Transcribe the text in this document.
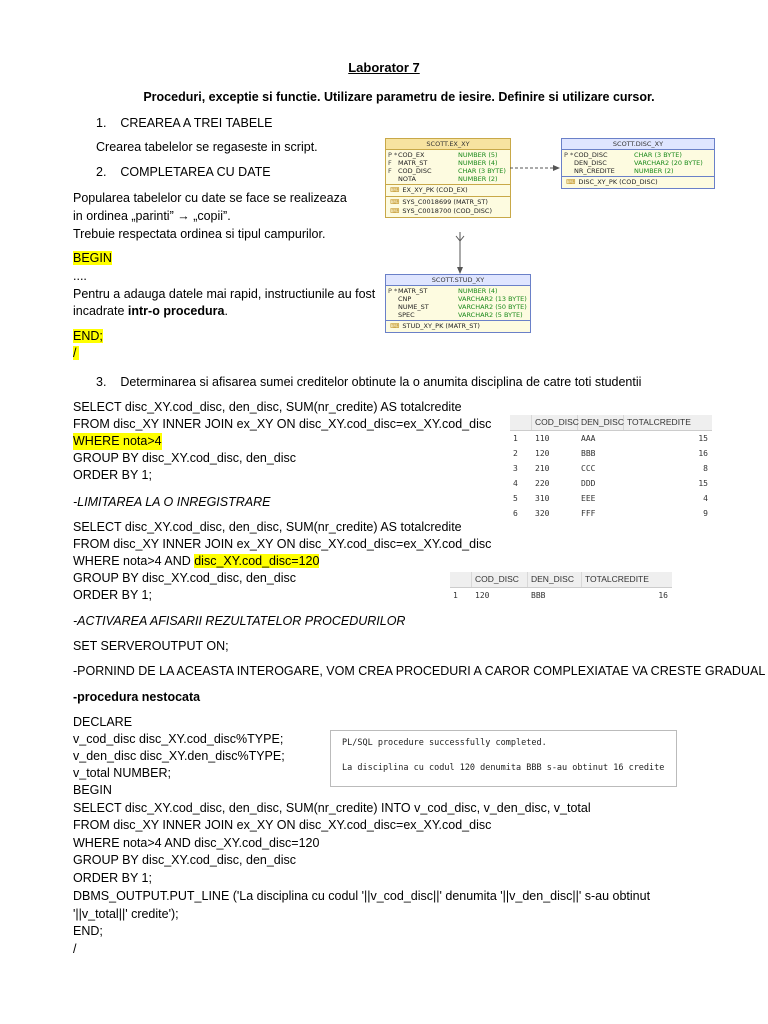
Laborator 7
Proceduri, exceptie si functie. Utilizare parametru de iesire. Definire si utilizare cursor.
1.    CREAREA A TREI TABELE
Crearea tabelelor se regaseste in script.
2.    COMPLETAREA CU DATE
Popularea tabelelor cu date se face se realizeaza
in ordinea „parinti” → „copii”.
Trebuie respectata ordinea si tipul campurilor.
BEGIN
....
Pentru a adauga datele mai rapid, instructiunile au fost
incadrate intr-o procedura.
END;
/
SCOTT.EX_XY
P * COD_EX	NUMBER (5)
F MATR_ST	NUMBER (4)
F COD_DISC	CHAR (3 BYTE)
NOTA	NUMBER (2)
⌨ EX_XY_PK (COD_EX)
⌨ SYS_C0018699 (MATR_ST)
⌨ SYS_C0018700 (COD_DISC)
SCOTT.DISC_XY
P * COD_DISC	CHAR (3 BYTE)
DEN_DISC	VARCHAR2 (20 BYTE)
NR_CREDITE	NUMBER (2)
⌨ DISC_XY_PK (COD_DISC)
SCOTT.STUD_XY
P * MATR_ST	NUMBER (4)
CNP	VARCHAR2 (13 BYTE)
NUME_ST	VARCHAR2 (50 BYTE)
SPEC	VARCHAR2 (5 BYTE)
⌨ STUD_XY_PK (MATR_ST)
3.    Determinarea si afisarea sumei creditelor obtinute la o anumita disciplina de catre toti studentii
SELECT disc_XY.cod_disc, den_disc, SUM(nr_credite) AS totalcredite
FROM disc_XY INNER JOIN ex_XY ON disc_XY.cod_disc=ex_XY.cod_disc
WHERE nota>4
GROUP BY disc_XY.cod_disc, den_disc
ORDER BY 1;
COD_DISC DEN_DISC TOTALCREDITE
1	110	AAA	15
2	120	BBB	16
3	210	CCC	8
4	220	DDD	15
5	310	EEE	4
6	320	FFF	9
-LIMITAREA LA O INREGISTRARE
SELECT disc_XY.cod_disc, den_disc, SUM(nr_credite) AS totalcredite
FROM disc_XY INNER JOIN ex_XY ON disc_XY.cod_disc=ex_XY.cod_disc
WHERE nota>4 AND disc_XY.cod_disc=120
GROUP BY disc_XY.cod_disc, den_disc
ORDER BY 1;
COD_DISC	DEN_DISC	TOTALCREDITE
1	120	BBB	16
-ACTIVAREA AFISARII REZULTATELOR PROCEDURILOR
SET SERVEROUTPUT ON;
-PORNIND DE LA ACEASTA INTEROGARE, VOM CREA PROCEDURI A CAROR COMPLEXIATAE VA CRESTE GRADUAL
-procedura nestocata
DECLARE
v_cod_disc disc_XY.cod_disc%TYPE;
v_den_disc disc_XY.den_disc%TYPE;
v_total NUMBER;
BEGIN
SELECT disc_XY.cod_disc, den_disc, SUM(nr_credite) INTO v_cod_disc, v_den_disc, v_total
FROM disc_XY INNER JOIN ex_XY ON disc_XY.cod_disc=ex_XY.cod_disc
WHERE nota>4 AND disc_XY.cod_disc=120
GROUP BY disc_XY.cod_disc, den_disc
ORDER BY 1;
DBMS_OUTPUT.PUT_LINE ('La disciplina cu codul '||v_cod_disc||' denumita '||v_den_disc||' s-au obtinut
'||v_total||' credite');
END;
/
PL/SQL procedure successfully completed.
La disciplina cu codul 120 denumita BBB s-au obtinut 16 credite
